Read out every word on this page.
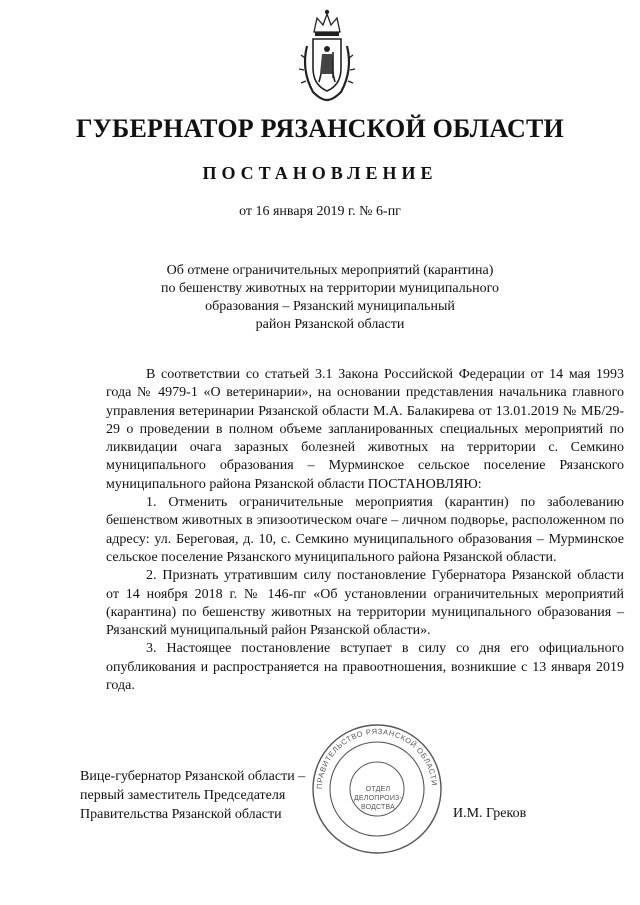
ГУБЕРНАТОР РЯЗАНСКОЙ ОБЛАСТИ
ПОСТАНОВЛЕНИЕ
от 16 января 2019 г. № 6-пг
Об отмене ограничительных мероприятий (карантина)
по бешенству животных на территории муниципального
образования – Рязанский муниципальный
район Рязанской области

В соответствии со статьей 3.1 Закона Российской Федерации от 14 мая 1993 года № 4979-1 «О ветеринарии», на основании представления начальника главного управления ветеринарии Рязанской области М.А. Балакирева от 13.01.2019 № МБ/29-29 о проведении в полном объеме запланированных специальных мероприятий по ликвидации очага заразных болезней животных на территории с. Семкино муниципального образования – Мурминское сельское поселение Рязанского муниципального района Рязанской области ПОСТАНОВЛЯЮ:

1. Отменить ограничительные мероприятия (карантин) по заболеванию бешенством животных в эпизоотическом очаге – личном подворье, расположенном по адресу: ул. Береговая, д. 10, с. Семкино муниципального образования – Мурминское сельское поселение Рязанского муниципального района Рязанской области.

2. Признать утратившим силу постановление Губернатора Рязанской области от 14 ноября 2018 г. № 146-пг «Об установлении ограничительных мероприятий (карантина) по бешенству животных на территории муниципального образования – Рязанский муниципальный район Рязанской области».

3. Настоящее постановление вступает в силу со дня его официального опубликования и распространяется на правоотношения, возникшие с 13 января 2019 года.

Вице-губернатор Рязанской области –
первый заместитель Председателя
Правительства Рязанской области	И.М. Греков
ПРАВИТЕЛЬСТВО РЯЗАНСКОЙ ОБЛАСТИ
ОТДЕЛ
ДЕЛОПРОИЗ-
ВОДСТВА
